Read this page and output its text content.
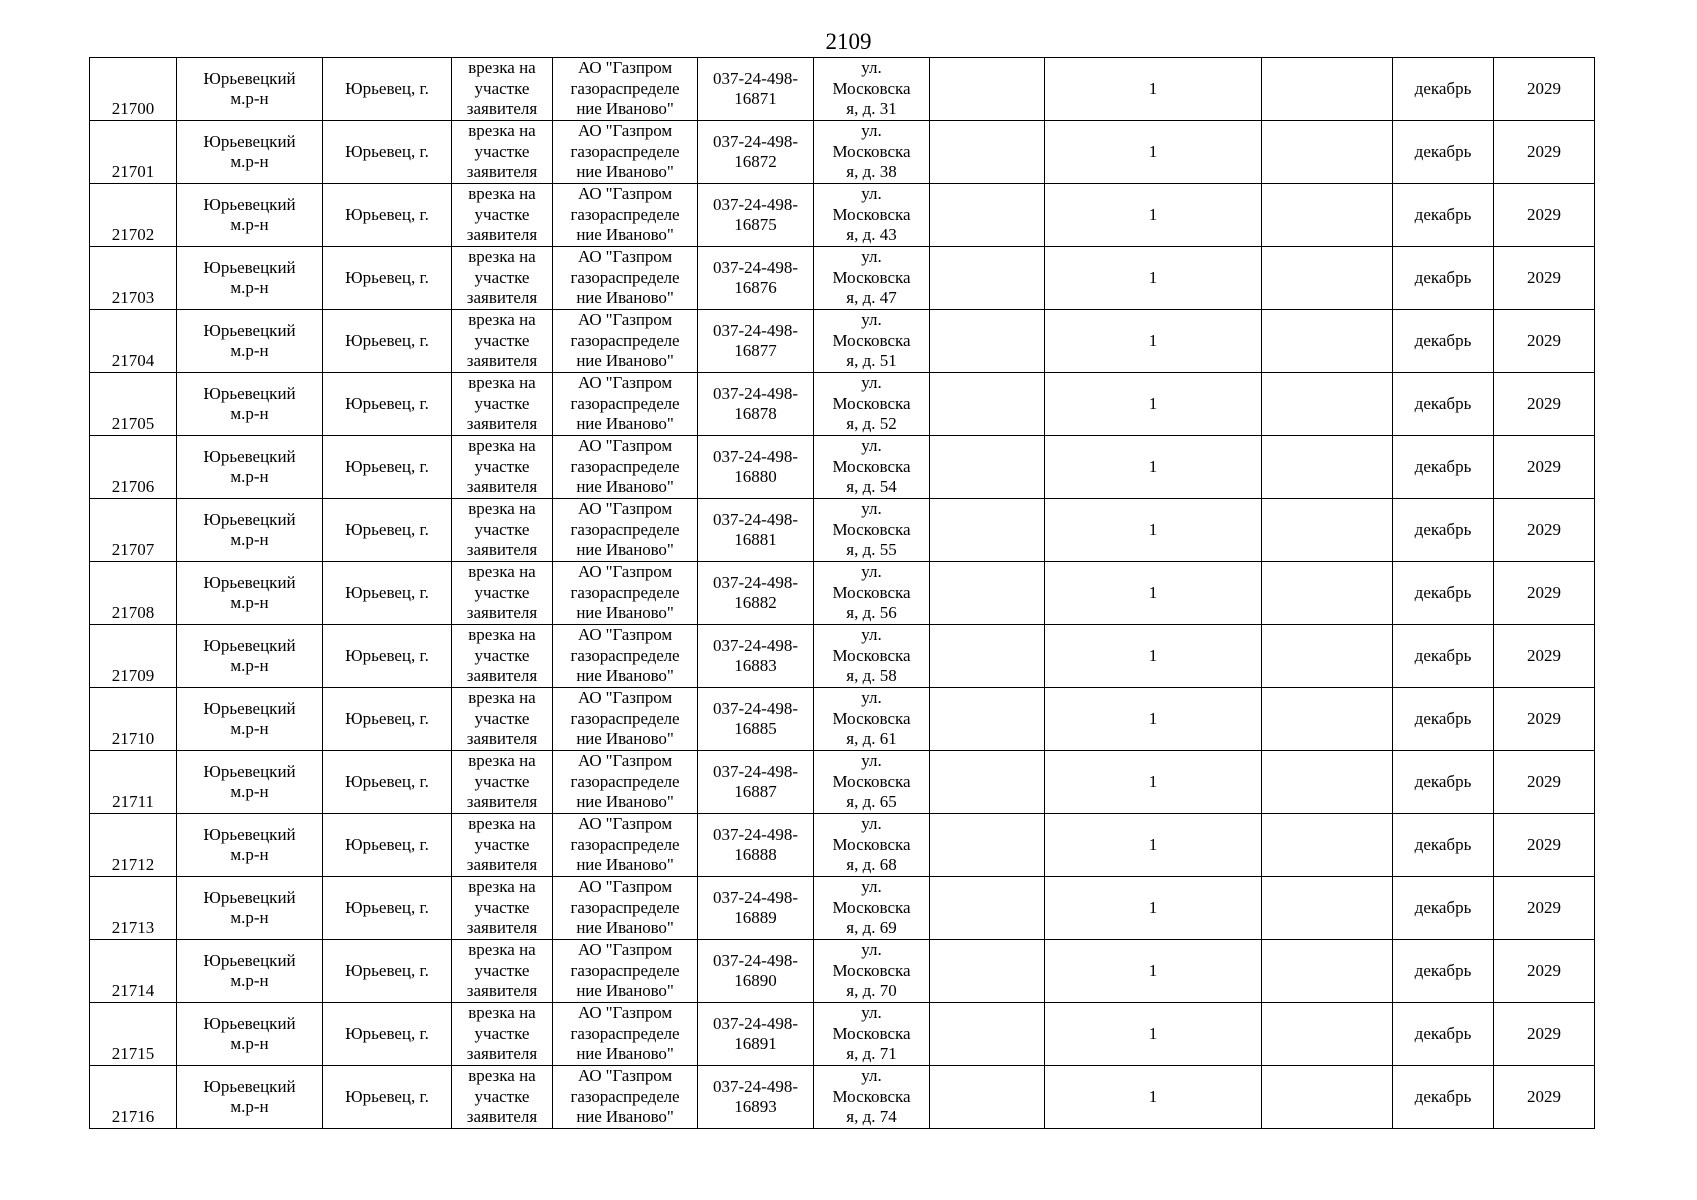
2109
21700	Юрьевецкий
м.р-н	Юрьевец, г.	врезка на
участке
заявителя	АО "Газпром
газораспределе
ние Иваново"	037-24-498-
16871	ул.
Московска
я, д. 31		1		декабрь	2029
21701	Юрьевецкий
м.р-н	Юрьевец, г.	врезка на
участке
заявителя	АО "Газпром
газораспределе
ние Иваново"	037-24-498-
16872	ул.
Московска
я, д. 38		1		декабрь	2029
21702	Юрьевецкий
м.р-н	Юрьевец, г.	врезка на
участке
заявителя	АО "Газпром
газораспределе
ние Иваново"	037-24-498-
16875	ул.
Московска
я, д. 43		1		декабрь	2029
21703	Юрьевецкий
м.р-н	Юрьевец, г.	врезка на
участке
заявителя	АО "Газпром
газораспределе
ние Иваново"	037-24-498-
16876	ул.
Московска
я, д. 47		1		декабрь	2029
21704	Юрьевецкий
м.р-н	Юрьевец, г.	врезка на
участке
заявителя	АО "Газпром
газораспределе
ние Иваново"	037-24-498-
16877	ул.
Московска
я, д. 51		1		декабрь	2029
21705	Юрьевецкий
м.р-н	Юрьевец, г.	врезка на
участке
заявителя	АО "Газпром
газораспределе
ние Иваново"	037-24-498-
16878	ул.
Московска
я, д. 52		1		декабрь	2029
21706	Юрьевецкий
м.р-н	Юрьевец, г.	врезка на
участке
заявителя	АО "Газпром
газораспределе
ние Иваново"	037-24-498-
16880	ул.
Московска
я, д. 54		1		декабрь	2029
21707	Юрьевецкий
м.р-н	Юрьевец, г.	врезка на
участке
заявителя	АО "Газпром
газораспределе
ние Иваново"	037-24-498-
16881	ул.
Московска
я, д. 55		1		декабрь	2029
21708	Юрьевецкий
м.р-н	Юрьевец, г.	врезка на
участке
заявителя	АО "Газпром
газораспределе
ние Иваново"	037-24-498-
16882	ул.
Московска
я, д. 56		1		декабрь	2029
21709	Юрьевецкий
м.р-н	Юрьевец, г.	врезка на
участке
заявителя	АО "Газпром
газораспределе
ние Иваново"	037-24-498-
16883	ул.
Московска
я, д. 58		1		декабрь	2029
21710	Юрьевецкий
м.р-н	Юрьевец, г.	врезка на
участке
заявителя	АО "Газпром
газораспределе
ние Иваново"	037-24-498-
16885	ул.
Московска
я, д. 61		1		декабрь	2029
21711	Юрьевецкий
м.р-н	Юрьевец, г.	врезка на
участке
заявителя	АО "Газпром
газораспределе
ние Иваново"	037-24-498-
16887	ул.
Московска
я, д. 65		1		декабрь	2029
21712	Юрьевецкий
м.р-н	Юрьевец, г.	врезка на
участке
заявителя	АО "Газпром
газораспределе
ние Иваново"	037-24-498-
16888	ул.
Московска
я, д. 68		1		декабрь	2029
21713	Юрьевецкий
м.р-н	Юрьевец, г.	врезка на
участке
заявителя	АО "Газпром
газораспределе
ние Иваново"	037-24-498-
16889	ул.
Московска
я, д. 69		1		декабрь	2029
21714	Юрьевецкий
м.р-н	Юрьевец, г.	врезка на
участке
заявителя	АО "Газпром
газораспределе
ние Иваново"	037-24-498-
16890	ул.
Московска
я, д. 70		1		декабрь	2029
21715	Юрьевецкий
м.р-н	Юрьевец, г.	врезка на
участке
заявителя	АО "Газпром
газораспределе
ние Иваново"	037-24-498-
16891	ул.
Московска
я, д. 71		1		декабрь	2029
21716	Юрьевецкий
м.р-н	Юрьевец, г.	врезка на
участке
заявителя	АО "Газпром
газораспределе
ние Иваново"	037-24-498-
16893	ул.
Московска
я, д. 74		1		декабрь	2029
